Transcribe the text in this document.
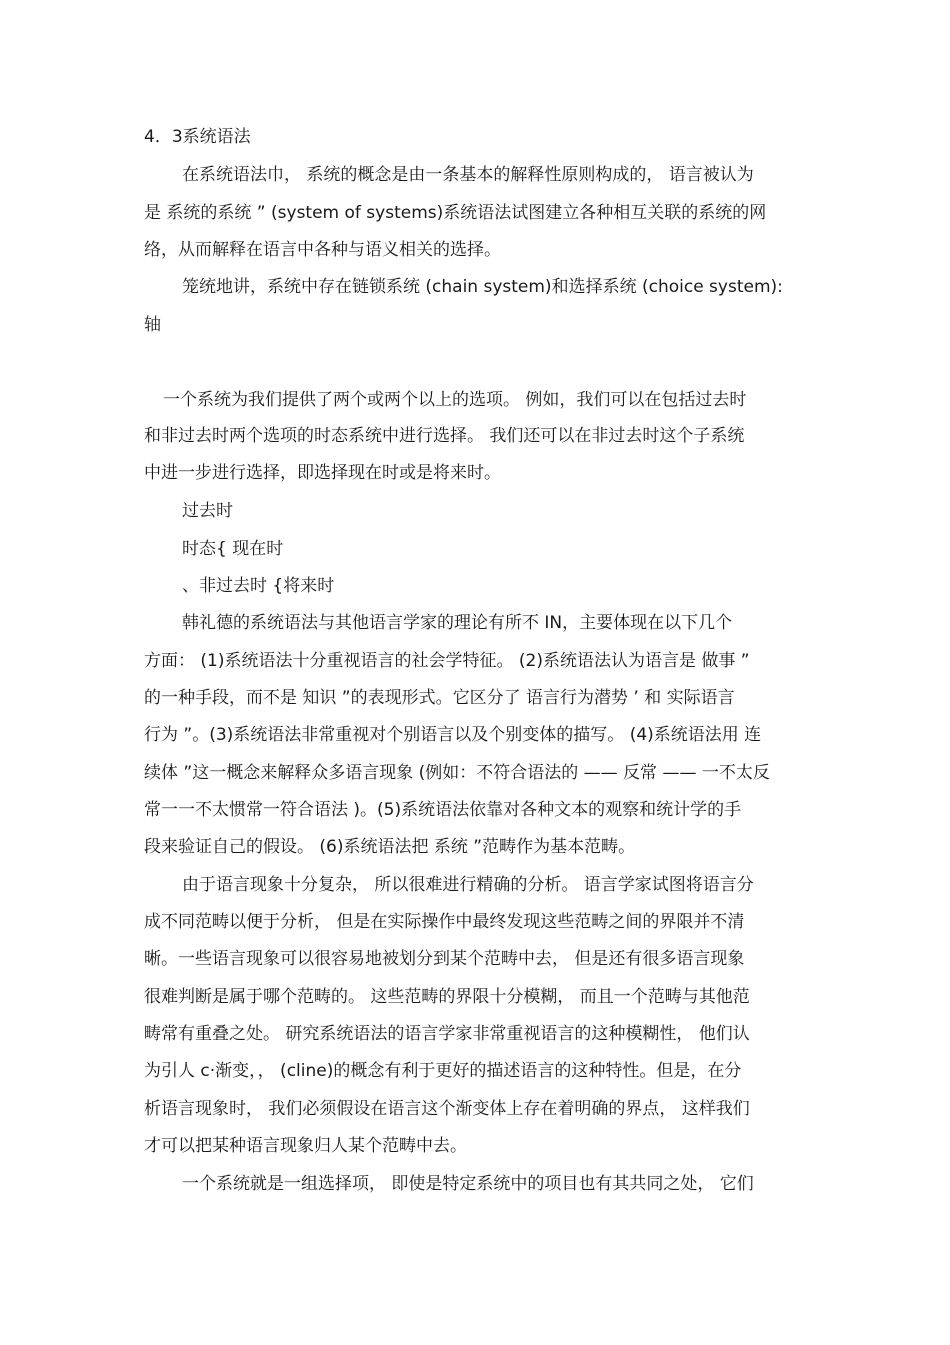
4．3系统语法
在系统语法巾， 系统的概念是由一条基本的解释性原则构成的， 语言被认为
是 系统的系统 ” (system of systems)系统语法试图建立各种相互关联的系统的网
络，从而解释在语言中各种与语义相关的选择。
笼统地讲，系统中存在链锁系统 (chain system)和选择系统 (choice system):
轴
一个系统为我们提供了两个或两个以上的选项。 例如，我们可以在包括过去时
和非过去时两个选项的时态系统中进行选择。 我们还可以在非过去时这个子系统
中进一步进行选择，即选择现在时或是将来时。
过去时
时态{ 现在时
、非过去时 {将来时
韩礼德的系统语法与其他语言学家的理论有所不 IN，主要体现在以下几个
方面： (1)系统语法十分重视语言的社会学特征。 (2)系统语法认为语言是 做事 ”
的一种手段，而不是 知识 ”的表现形式。它区分了 语言行为潜势 ’ 和 实际语言
行为 ”。(3)系统语法非常重视对个别语言以及个别变体的描写。 (4)系统语法用 连
续体 ”这一概念来解释众多语言现象 (例如：不符合语法的 —— 反常 —— 一不太反
常一一不太惯常一符合语法 )。(5)系统语法依靠对各种文本的观察和统计学的手
段来验证自己的假设。 (6)系统语法把 系统 ”范畴作为基本范畴。
由于语言现象十分复杂， 所以很难进行精确的分析。 语言学家试图将语言分
成不同范畴以便于分析， 但是在实际操作中最终发现这些范畴之间的界限并不清
晰。一些语言现象可以很容易地被划分到某个范畴中去， 但是还有很多语言现象
很难判断是属于哪个范畴的。 这些范畴的界限十分模糊， 而且一个范畴与其他范
畴常有重叠之处。 研究系统语法的语言学家非常重视语言的这种模糊性， 他们认
为引人 c·渐变，， (cline)的概念有利于更好的描述语言的这种特性。但是，在分
析语言现象时， 我们必须假设在语言这个渐变体上存在着明确的界点， 这样我们
才可以把某种语言现象归人某个范畴中去。
一个系统就是一组选择项， 即使是特定系统中的项目也有其共同之处， 它们
